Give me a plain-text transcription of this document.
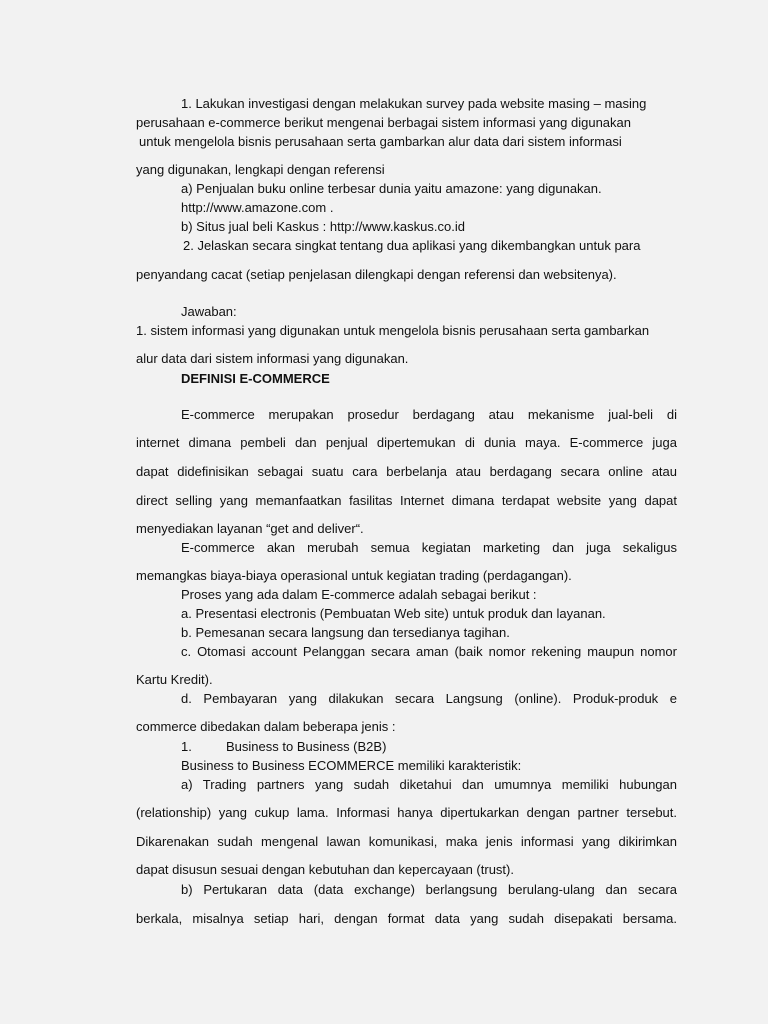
1. Lakukan investigasi dengan melakukan survey pada website masing – masing
perusahaan e-commerce berikut mengenai berbagai sistem informasi yang digunakan
untuk mengelola bisnis perusahaan serta gambarkan alur data dari sistem informasi
yang digunakan, lengkapi dengan referensi
a) Penjualan buku online terbesar dunia yaitu amazone: yang digunakan.
http://www.amazone.com .
b) Situs jual beli Kaskus : http://www.kaskus.co.id
2. Jelaskan secara singkat tentang dua aplikasi yang dikembangkan untuk para
penyandang cacat (setiap penjelasan dilengkapi dengan referensi dan websitenya).
Jawaban:
1. sistem informasi yang digunakan untuk mengelola bisnis perusahaan serta gambarkan
alur data dari sistem informasi yang digunakan.
DEFINISI E-COMMERCE
E-commerce merupakan prosedur berdagang atau mekanisme jual-beli di
internet dimana pembeli dan penjual dipertemukan di dunia maya. E-commerce juga
dapat didefinisikan sebagai suatu cara berbelanja atau berdagang secara online atau
direct selling yang memanfaatkan fasilitas Internet dimana terdapat website yang dapat
menyediakan layanan “get and deliver“.
E-commerce akan merubah semua kegiatan marketing dan juga sekaligus
memangkas biaya-biaya operasional untuk kegiatan trading (perdagangan).
Proses yang ada dalam E-commerce adalah sebagai berikut :
a. Presentasi electronis (Pembuatan Web site) untuk produk dan layanan.
b. Pemesanan secara langsung dan tersedianya tagihan.
c. Otomasi account Pelanggan secara aman (baik nomor rekening maupun nomor
Kartu Kredit).
d. Pembayaran yang dilakukan secara Langsung (online). Produk-produk e
commerce dibedakan dalam beberapa jenis :
1.	Business to Business (B2B)
Business to Business ECOMMERCE memiliki karakteristik:
a) Trading partners yang sudah diketahui dan umumnya memiliki hubungan
(relationship) yang cukup lama. Informasi hanya dipertukarkan dengan partner tersebut.
Dikarenakan sudah mengenal lawan komunikasi, maka jenis informasi yang dikirimkan
dapat disusun sesuai dengan kebutuhan dan kepercayaan (trust).
b) Pertukaran data (data exchange) berlangsung berulang-ulang dan secara
berkala, misalnya setiap hari, dengan format data yang sudah disepakati bersama.
